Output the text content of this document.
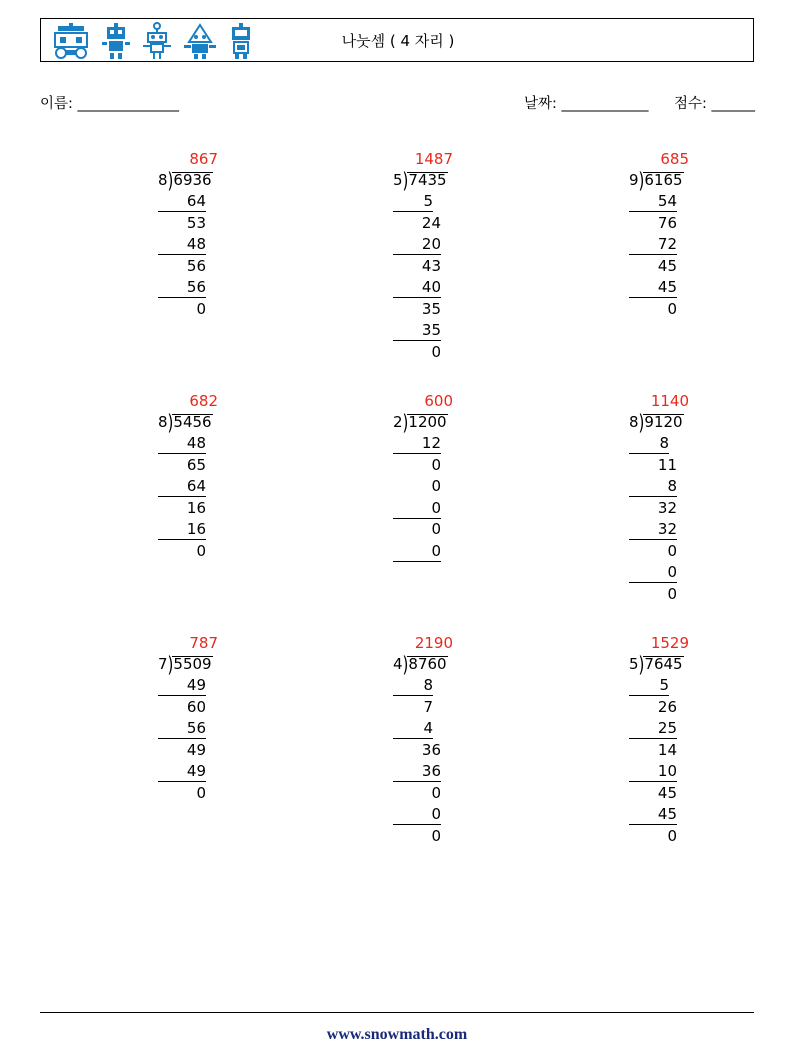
나눗셈 ( 4 자리 )
이름: ______________	날짜: ____________ 점수: ______
867
8)6936
64
53
48
56
56
0
1487
5)7435
5
24
20
43
40
35
35
0
685
9)6165
54
76
72
45
45
0
682
8)5456
48
65
64
16
16
0
600
2)1200
12
0
0
0
0
0
1140
8)9120
8
11
8
32
32
0
0
0
787
7)5509
49
60
56
49
49
0
2190
4)8760
8
7
4
36
36
0
0
0
1529
5)7645
5
26
25
14
10
45
45
0
www.snowmath.com
